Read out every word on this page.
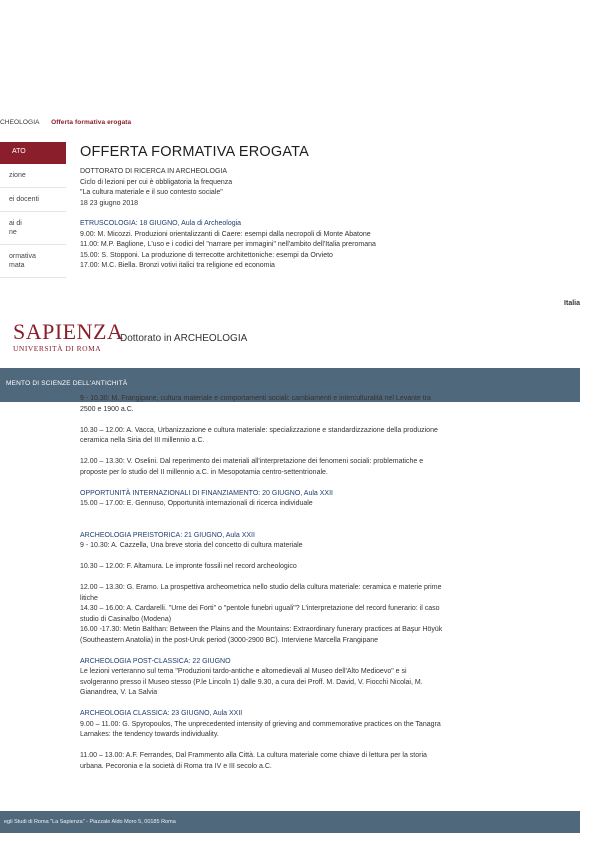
CHEOLOGIA Offerta formativa erogata
ATO
zione
ei docenti
ai di
ne
ormativa
mata
OFFERTA FORMATIVA EROGATA
DOTTORATO DI RICERCA IN ARCHEOLOGIA
Ciclo di lezioni per cui è obbligatoria la frequenza
"La cultura materiale e il suo contesto sociale"
18 23 giugno 2018
ETRUSCOLOGIA: 18 GIUGNO, Aula di Archeologia
9.00: M. Micozzi. Produzioni orientalizzanti di Caere: esempi dalla necropoli di Monte Abatone
11.00: M.P. Baglione, L'uso e i codici del "narrare per immagini" nell'ambito dell'Italia preromana
15.00: S. Stopponi. La produzione di terrecotte architettoniche: esempi da Orvieto
17.00: M.C. Biella. Bronzi votivi italici tra religione ed economia
Italia
SAPIENZA
UNIVERSITÀ DI ROMA
Dottorato in ARCHEOLOGIA
MENTO DI SCIENZE DELL'ANTICHITÀ
9 - 10.30: M. Frangipane, cultura materiale e comportamenti sociali: cambiamenti e interculturalità nel Levante tra
2500 e 1900 a.C.
10.30 – 12.00: A. Vacca, Urbanizzazione e cultura materiale: specializzazione e standardizzazione della produzione
ceramica nella Siria del III millennio a.C.
12.00 – 13.30: V. Oselini. Dal reperimento dei materiali all'interpretazione dei fenomeni sociali: problematiche e
proposte per lo studio del II millennio a.C. in Mesopotamia centro-settentrionale.
OPPORTUNITÀ INTERNAZIONALI DI FINANZIAMENTO: 20 GIUGNO, Aula XXII
15.00 – 17.00: E. Gennuso, Opportunità internazionali di ricerca individuale
ARCHEOLOGIA PREISTORICA: 21 GIUGNO, Aula XXII
9 - 10.30: A. Cazzella, Una breve storia del concetto di cultura materiale
10.30 – 12.00: F. Altamura. Le impronte fossili nel record archeologico
12.00 – 13.30: G. Eramo. La prospettiva archeometrica nello studio della cultura materiale: ceramica e materie prime
litiche
14.30 – 16.00: A. Cardarelli. "Urne dei Forti" o "pentole funebri uguali"? L'interpretazione del record funerario: il caso
studio di Casinalbo (Modena)
16.00 -17.30: Metin Balthan: Between the Plains and the Mountains: Extraordinary funerary practices at Başur Höyük
(Southeastern Anatolia) in the post-Uruk period (3000-2900 BC). Interviene Marcella Frangipane
ARCHEOLOGIA POST-CLASSICA: 22 GIUGNO
Le lezioni verteranno sul tema "Produzioni tardo-antiche e altomedievali al Museo dell'Alto Medioevo" e si
svolgeranno presso il Museo stesso (P.le Lincoln 1) dalle 9.30, a cura dei Proff. M. David, V. Fiocchi Nicolai, M.
Gianandrea, V. La Salvia
ARCHEOLOGIA CLASSICA: 23 GIUGNO, Aula XXII
9.00 – 11.00: G. Spyropoulos, The unprecedented intensity of grieving and commemorative practices on the Tanagra
Larnakes: the tendency towards individuality.
11.00 – 13.00: A.F. Ferrandes, Dal Frammento alla Città. La cultura materiale come chiave di lettura per la storia
urbana. Pecoronia e la società di Roma tra IV e III secolo a.C.
egli Studi di Roma "La Sapienza" - Piazzale Aldo Moro 5, 00185 Roma
